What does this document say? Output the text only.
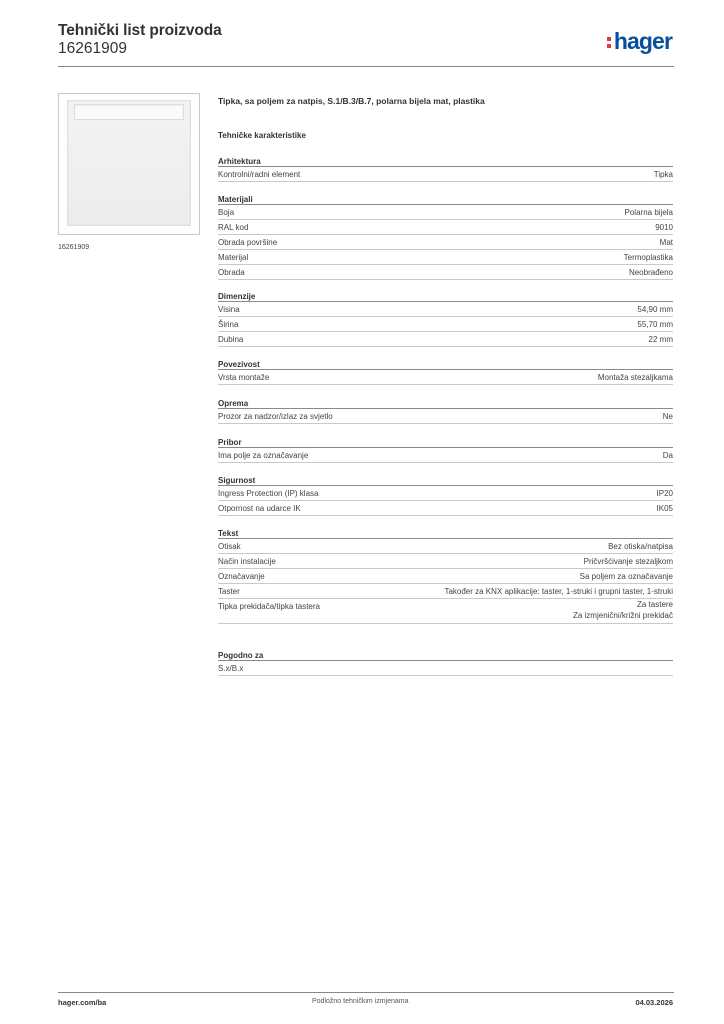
Tehnički list proizvoda
16261909	hager
16261909
Tipka, sa poljem za natpis, S.1/B.3/B.7, polarna bijela mat, plastika
Tehničke karakteristike
Arhitektura
Kontrolni/radni element	Tipka
Materijali
Boja	Polarna bijela
RAL kod	9010
Obrada površine	Mat
Materijal	Termoplastika
Obrada	Neobrađeno
Dimenzije
Visina	54,90 mm
Širina	55,70 mm
Dubina	22 mm
Povezivost
Vrsta montaže	Montaža stezaljkama
Oprema
Prozor za nadzor/izlaz za svjetlo	Ne
Pribor
Ima polje za označavanje	Da
Sigurnost
Ingress Protection (IP) klasa	IP20
Otpornost na udarce IK	IK05
Tekst
Otisak	Bez otiska/natpisa
Način instalacije	Pričvršćivanje stezaljkom
Označavanje	Sa poljem za označavanje
Taster	Također za KNX aplikacije: taster, 1-struki i grupni taster, 1-struki
Tipka prekidača/tipka tastera	Za tastere
Za izmjenični/križni prekidač
Pogodno za
S.x/B.x
hager.com/ba	Podložno tehničkim izmjenama	04.03.2026
